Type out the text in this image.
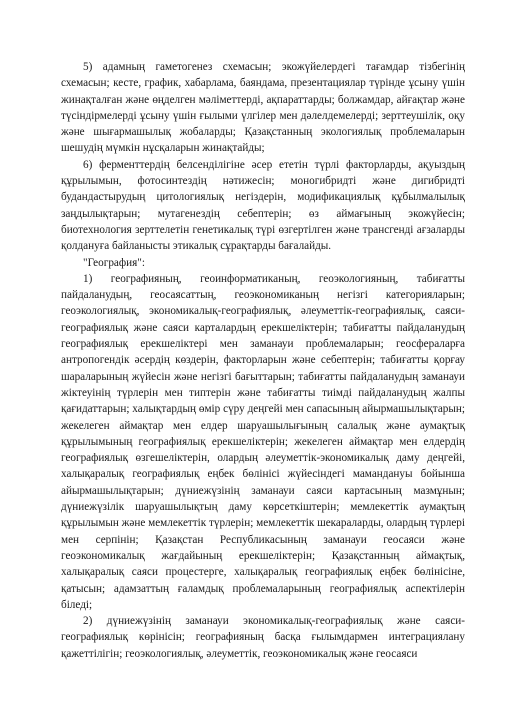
5) адамның гаметогенез схемасын; экожүйелердегі тағамдар тізбегінің схемасын; кесте, график, хабарлама, баяндама, презентациялар түрінде ұсыну үшін жинақталған және өңделген мәліметтерді, ақпараттарды; болжамдар, айғақтар және түсіндірмелерді ұсыну үшін ғылыми үлгілер мен дәлелдемелерді; зерттеушілік, оқу және шығармашылық жобаларды; Қазақстанның экологиялық проблемаларын шешудің мүмкін нұсқаларын жинақтайды;

6) ферменттердің белсенділігіне әсер ететін түрлі факторларды, ақуыздың құрылымын, фотосинтездің нәтижесін; моногибридті және дигибридті будандастырудың цитологиялық негіздерін, модификациялық құбылмалылық заңдылықтарын; мутагенездің себептерін; өз аймағының экожүйесін; биотехнология зерттелетін генетикалық түрі өзгертілген және трансгенді ағзаларды қолдануға байланысты этикалық сұрақтарды бағалайды.

"География":

1) географияның, геоинформатиканың, геоэкологияның, табиғатты пайдаланудың, геосаясаттың, геоэкономиканың негізгі категорияларын; геоэкологиялық, экономикалық-географиялық, әлеуметтік-географиялық, саяси-географиялық және саяси карталардың ерекшеліктерін; табиғатты пайдаланудың географиялық ерекшеліктері мен заманауи проблемаларын; геосфераларға антропогендік әсердің көздерін, факторларын және себептерін; табиғатты қорғау шараларының жүйесін және негізгі бағыттарын; табиғатты пайдаланудың заманауи жіктеуінің түрлерін мен типтерін және табиғатты тиімді пайдаланудың жалпы қағидаттарын; халықтардың өмір сүру деңгейі мен сапасының айырмашылықтарын; жекелеген аймақтар мен елдер шаруашылығының салалық және аумақтық құрылымының географиялық ерекшеліктерін; жекелеген аймақтар мен елдердің географиялық өзгешеліктерін, олардың әлеуметтік-экономикалық даму деңгейі, халықаралық географиялық еңбек бөлінісі жүйесіндегі мамандануы бойынша айырмашылықтарын; дүниежүзінің заманауи саяси картасының мазмұнын; дүниежүзілік шаруашылықтың даму көрсеткіштерін; мемлекеттік аумақтың құрылымын және мемлекеттік түрлерін; мемлекеттік шекараларды, олардың түрлері мен серпінін; Қазақстан Республикасының заманауи геосаяси және геоэкономикалық жағдайының ерекшеліктерін; Қазақстанның аймақтық, халықаралық саяси процестерге, халықаралық географиялық еңбек бөлінісіне, қатысын; адамзаттың ғаламдық проблемаларының географиялық аспектілерін біледі;

2) дүниежүзінің заманауи экономикалық-географиялық және саяси-географиялық көрінісін; географияның басқа ғылымдармен интеграциялану қажеттілігін; геоэкологиялық, әлеуметтік, геоэкономикалық және геосаяси
